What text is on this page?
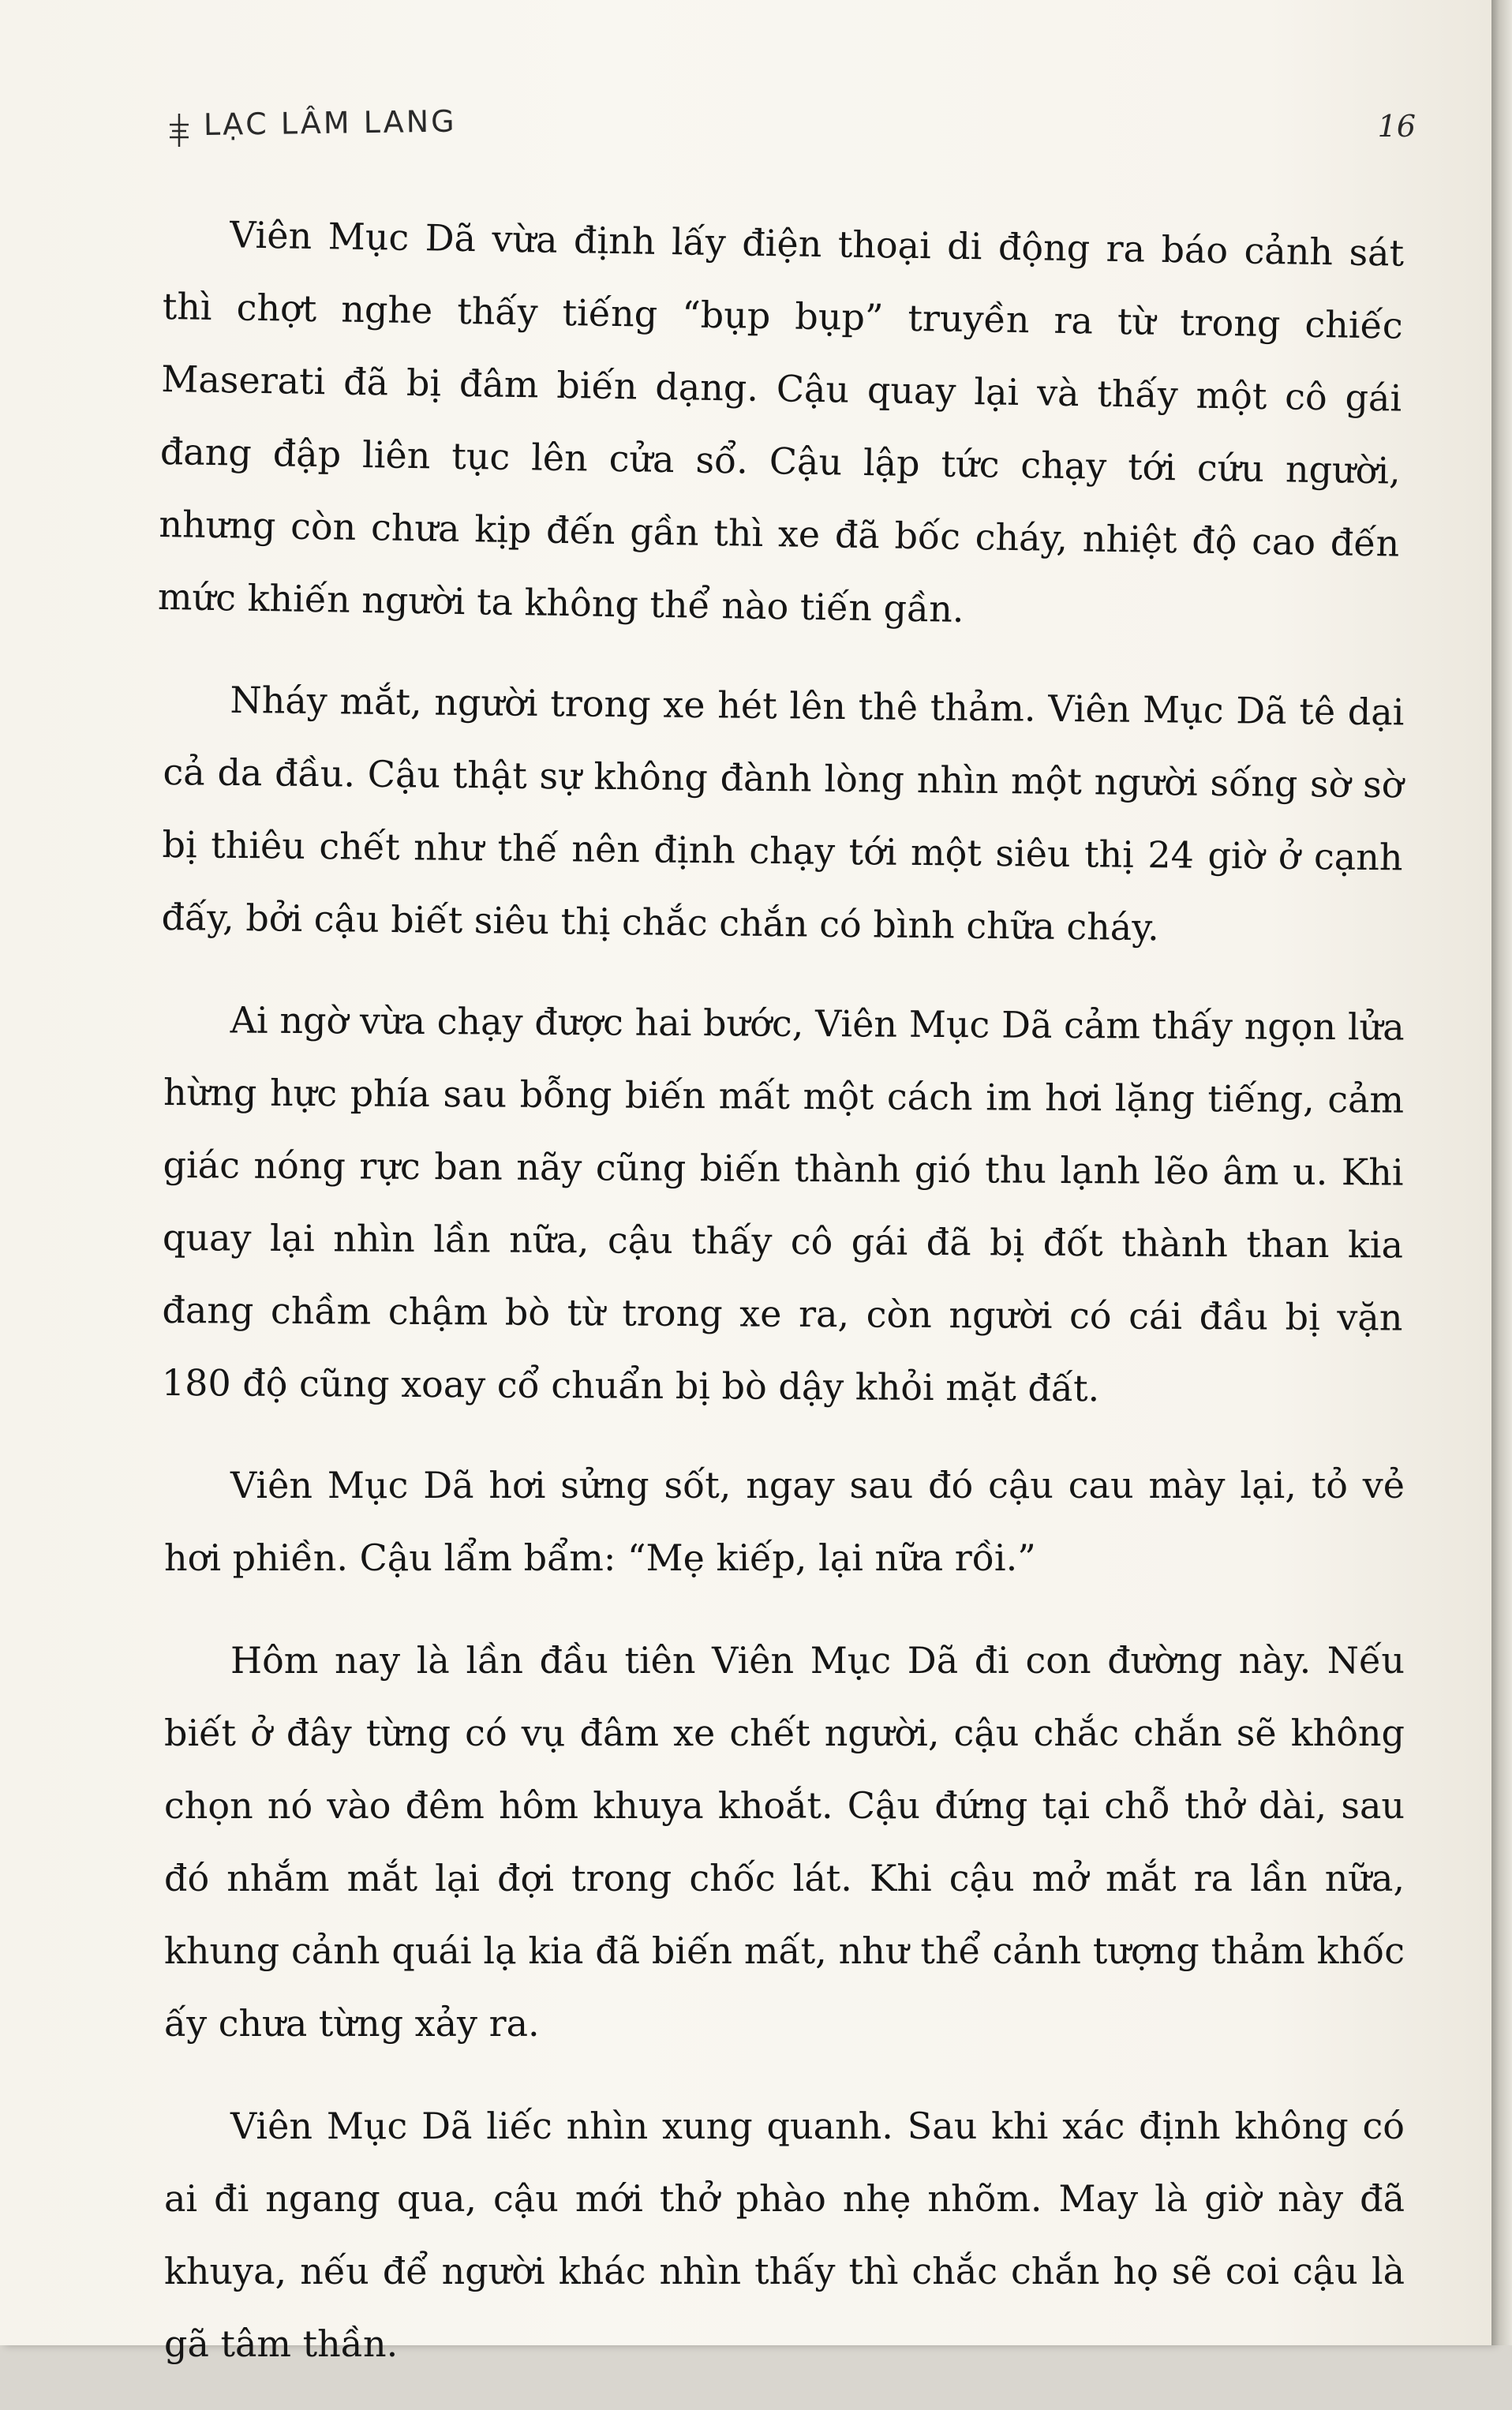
LẠC LÂM LANG	16

Viên Mục Dã vừa định lấy điện thoại di động ra báo cảnh sát thì chợt nghe thấy tiếng “bụp bụp” truyền ra từ trong chiếc Maserati đã bị đâm biến dạng. Cậu quay lại và thấy một cô gái đang đập liên tục lên cửa sổ. Cậu lập tức chạy tới cứu người, nhưng còn chưa kịp đến gần thì xe đã bốc cháy, nhiệt độ cao đến mức khiến người ta không thể nào tiến gần.

Nháy mắt, người trong xe hét lên thê thảm. Viên Mục Dã tê dại cả da đầu. Cậu thật sự không đành lòng nhìn một người sống sờ sờ bị thiêu chết như thế nên định chạy tới một siêu thị 24 giờ ở cạnh đấy, bởi cậu biết siêu thị chắc chắn có bình chữa cháy.

Ai ngờ vừa chạy được hai bước, Viên Mục Dã cảm thấy ngọn lửa hừng hực phía sau bỗng biến mất một cách im hơi lặng tiếng, cảm giác nóng rực ban nãy cũng biến thành gió thu lạnh lẽo âm u. Khi quay lại nhìn lần nữa, cậu thấy cô gái đã bị đốt thành than kia đang chầm chậm bò từ trong xe ra, còn người có cái đầu bị vặn 180 độ cũng xoay cổ chuẩn bị bò dậy khỏi mặt đất.

Viên Mục Dã hơi sửng sốt, ngay sau đó cậu cau mày lại, tỏ vẻ hơi phiền. Cậu lẩm bẩm: “Mẹ kiếp, lại nữa rồi.”

Hôm nay là lần đầu tiên Viên Mục Dã đi con đường này. Nếu biết ở đây từng có vụ đâm xe chết người, cậu chắc chắn sẽ không chọn nó vào đêm hôm khuya khoắt. Cậu đứng tại chỗ thở dài, sau đó nhắm mắt lại đợi trong chốc lát. Khi cậu mở mắt ra lần nữa, khung cảnh quái lạ kia đã biến mất, như thể cảnh tượng thảm khốc ấy chưa từng xảy ra.

Viên Mục Dã liếc nhìn xung quanh. Sau khi xác định không có ai đi ngang qua, cậu mới thở phào nhẹ nhõm. May là giờ này đã khuya, nếu để người khác nhìn thấy thì chắc chắn họ sẽ coi cậu là gã tâm thần.
